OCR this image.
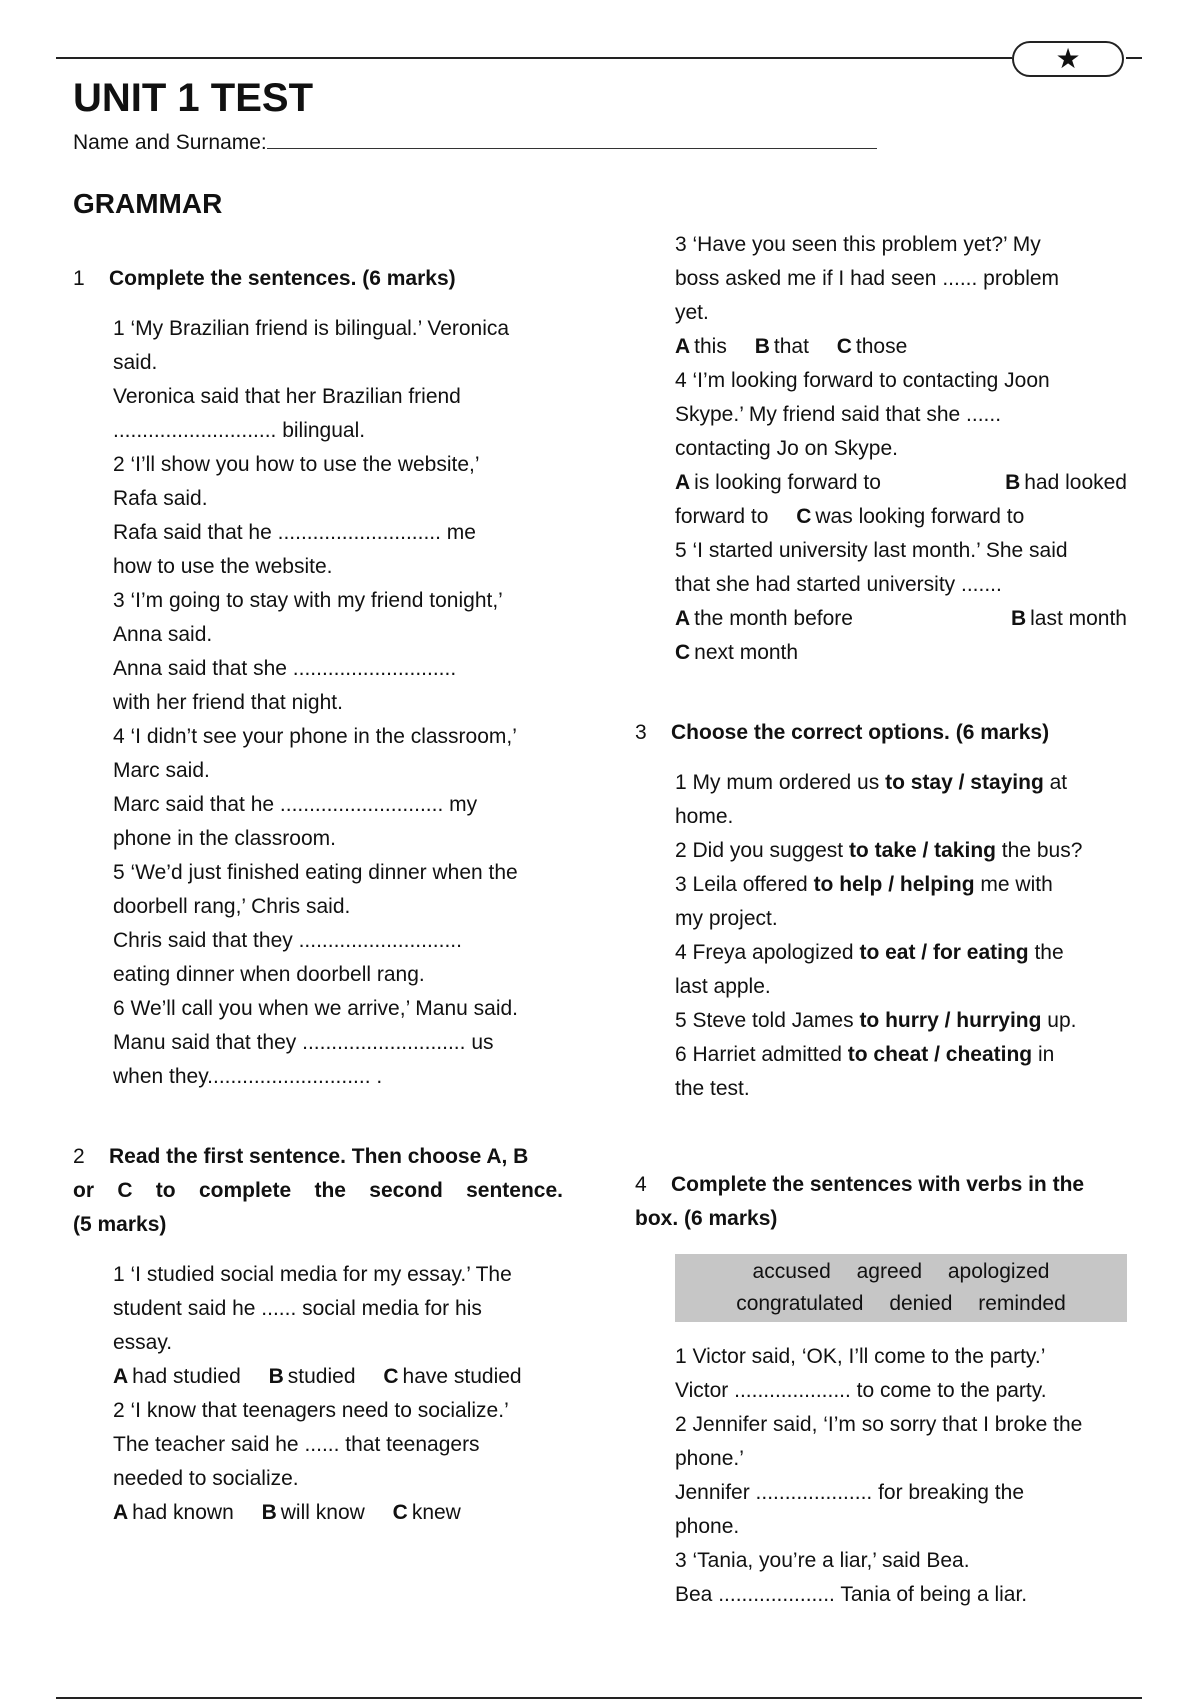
★
UNIT 1 TEST
Name and Surname:
GRAMMAR

1 Complete the sentences. (6 marks)

1 ‘My Brazilian friend is bilingual.’ Veronica

said.

Veronica said that her Brazilian friend

............................ bilingual.

2 ‘I’ll show you how to use the website,’

Rafa said.

Rafa said that he ............................ me

how to use the website.

3 ‘I’m going to stay with my friend tonight,’

Anna said.

Anna said that she ............................

with her friend that night.

4 ‘I didn’t see your phone in the classroom,’

Marc said.

Marc said that he ............................ my

phone in the classroom.

5 ‘We’d just finished eating dinner when the

doorbell rang,’ Chris said.

Chris said that they ............................

eating dinner when doorbell rang.

6 We’ll call you when we arrive,’ Manu said.

Manu said that they ............................ us

when they............................ .

2 Read the first sentence. Then choose A, B

or C to complete the second sentence.

(5 marks)

1 ‘I studied social media for my essay.’ The

student said he ...... social media for his

essay.

A had studied B studied C have studied

2 ‘I know that teenagers need to socialize.’

The teacher said he ...... that teenagers

needed to socialize.

A had known B will know C knew

3 ‘Have you seen this problem yet?’ My

boss asked me if I had seen ...... problem

yet.

A this B that C those

4 ‘I’m looking forward to contacting Joon

Skype.’ My friend said that she ......

contacting Jo on Skype.

A is looking forward to	B had looked

forward to C was looking forward to

5 ‘I started university last month.’ She said

that she had started university .......

A the month before	B last month

C next month

3 Choose the correct options. (6 marks)

1 My mum ordered us to stay / staying at

home.

2 Did you suggest to take / taking the bus?

3 Leila offered to help / helping me with

my project.

4 Freya apologized to eat / for eating the

last apple.

5 Steve told James to hurry / hurrying up.

6 Harriet admitted to cheat / cheating in

the test.

4 Complete the sentences with verbs in the

box. (6 marks)

accused agreed apologized
congratulated denied reminded

1 Victor said, ‘OK, I’ll come to the party.’

Victor .................... to come to the party.

2 Jennifer said, ‘I’m so sorry that I broke the

phone.’

Jennifer .................... for breaking the

phone.

3 ‘Tania, you’re a liar,’ said Bea.

Bea .................... Tania of being a liar.
